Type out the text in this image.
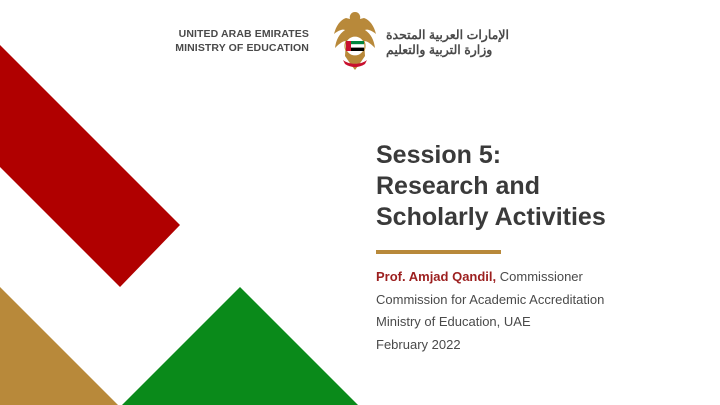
UNITED ARAB EMIRATES
MINISTRY OF EDUCATION
الإمارات العربية المتحدة
وزارة التربية والتعليم
Session 5:
Research and
Scholarly Activities
Prof. Amjad Qandil, Commissioner
Commission for Academic Accreditation
Ministry of Education, UAE
February 2022
